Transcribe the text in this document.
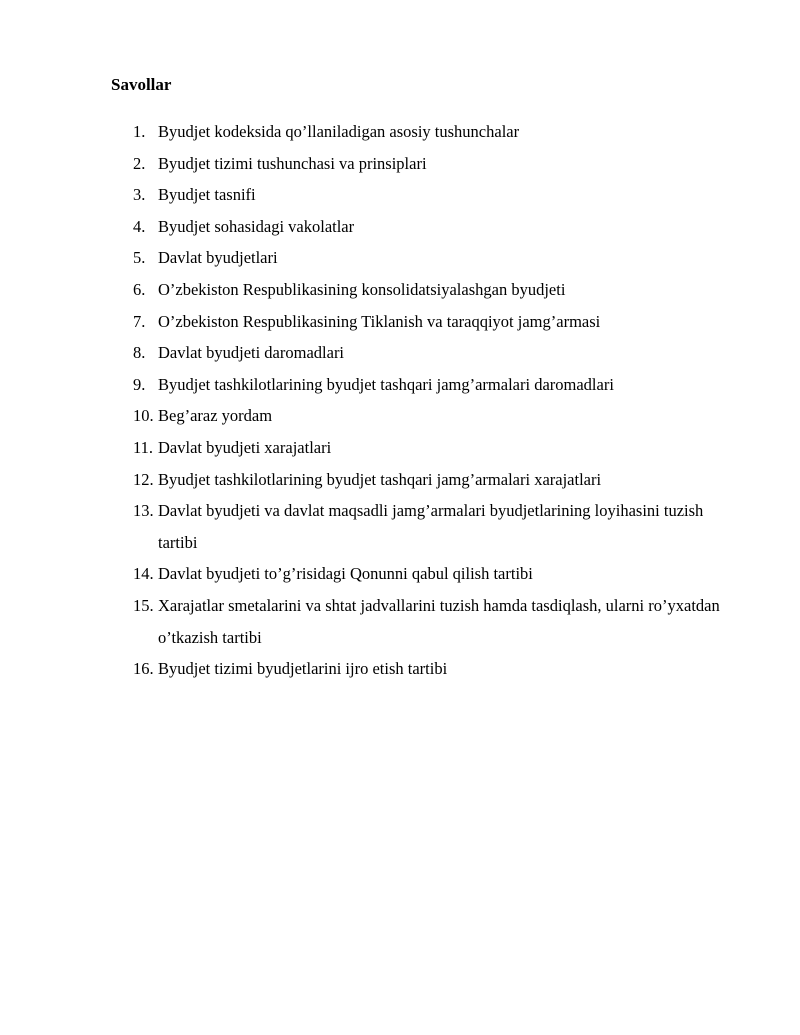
Savollar
1. Byudjet kodeksida qo’llaniladigan asosiy tushunchalar
2. Byudjet tizimi tushunchasi va prinsiplari
3. Byudjet tasnifi
4. Byudjet sohasidagi vakolatlar
5. Davlat byudjetlari
6. O’zbekiston Respublikasining konsolidatsiyalashgan byudjeti
7. O’zbekiston Respublikasining Tiklanish va taraqqiyot jamg’armasi
8. Davlat byudjeti daromadlari
9. Byudjet tashkilotlarining byudjet tashqari jamg’armalari daromadlari
10. Beg’araz yordam
11. Davlat byudjeti xarajatlari
12. Byudjet tashkilotlarining byudjet tashqari jamg’armalari xarajatlari
13. Davlat byudjeti va davlat maqsadli jamg’armalari byudjetlarining loyihasini tuzish tartibi
14. Davlat byudjeti to’g’risidagi Qonunni qabul qilish tartibi
15. Xarajatlar smetalarini va shtat jadvallarini tuzish hamda tasdiqlash, ularni ro’yxatdan o’tkazish tartibi
16. Byudjet tizimi byudjetlarini ijro etish tartibi
